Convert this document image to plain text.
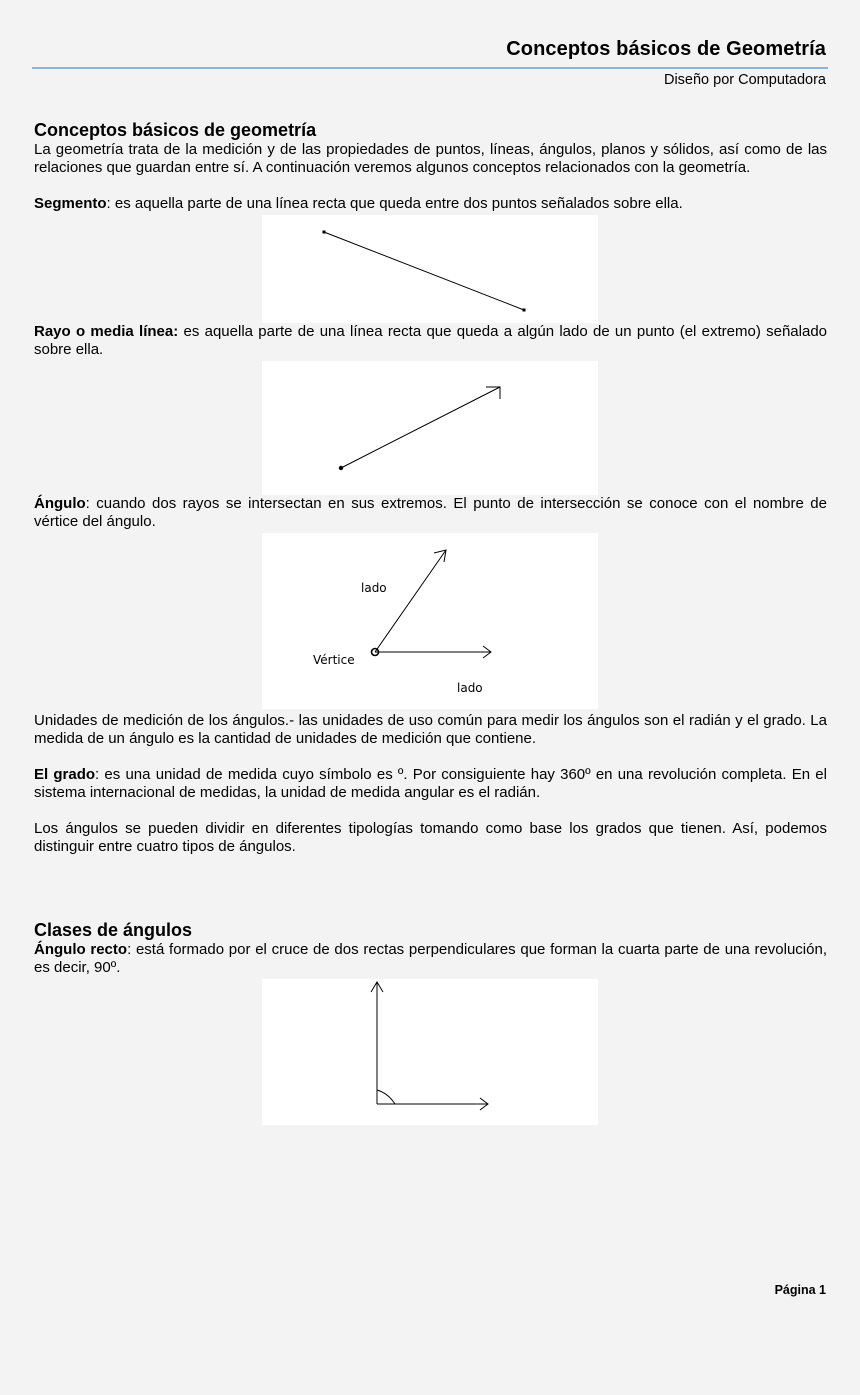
Conceptos básicos de Geometría
Diseño por Computadora
Conceptos básicos de geometría

La geometría trata de la medición y de las propiedades de puntos, líneas, ángulos, planos y sólidos, así como de las relaciones que guardan entre sí. A continuación veremos algunos conceptos relacionados con la geometría.

Segmento: es aquella parte de una línea recta que queda entre dos puntos señalados sobre ella.

Rayo o media línea: es aquella parte de una línea recta que queda a algún lado de un punto (el extremo) señalado sobre ella.

Ángulo: cuando dos rayos se intersectan en sus extremos. El punto de intersección se conoce con el nombre de vértice del ángulo.

lado
Vértice
lado

Unidades de medición de los ángulos.- las unidades de uso común para medir los ángulos son el radián y el grado. La medida de un ángulo es la cantidad de unidades de medición que contiene.

El grado: es una unidad de medida cuyo símbolo es º. Por consiguiente hay 360º en una revolución completa. En el sistema internacional de medidas, la unidad de medida angular es el radián.

Los ángulos se pueden dividir en diferentes tipologías tomando como base los grados que tienen. Así, podemos distinguir entre cuatro tipos de ángulos.

Clases de ángulos

Ángulo recto: está formado por el cruce de dos rectas perpendiculares que forman la cuarta parte de una revolución, es decir, 90º.

Página 1
